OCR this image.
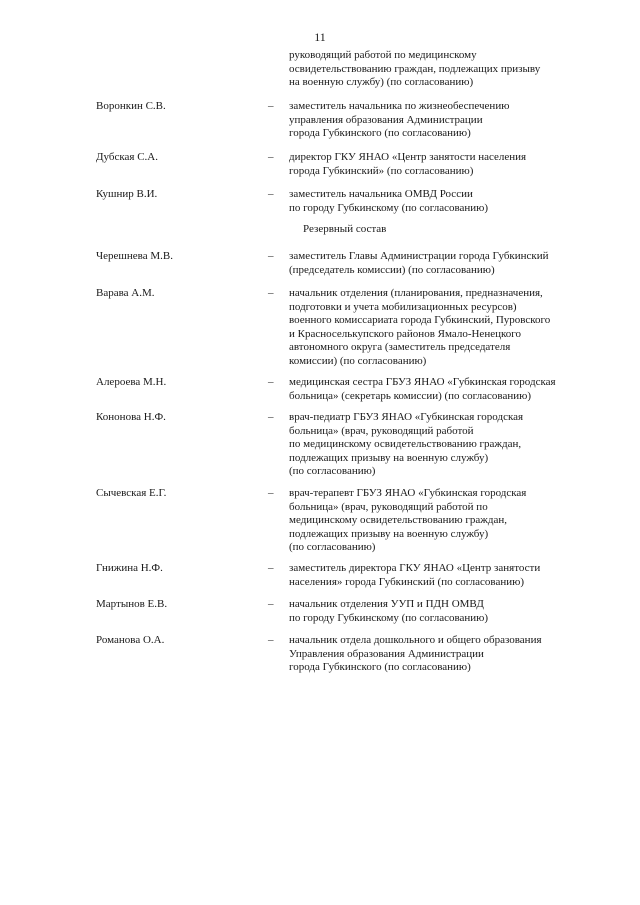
11
руководящий работой по медицинскому
освидетельствованию граждан, подлежащих призыву
на военную службу) (по согласованию)
Воронкин С.В.	– заместитель начальника по жизнеобеспечению
управления образования Администрации
города Губкинского (по согласованию)
Дубская С.А.	– директор ГКУ ЯНАО «Центр занятости населения
города Губкинский» (по согласованию)
Кушнир В.И.	– заместитель начальника ОМВД России
по городу Губкинскому (по согласованию)
Резервный состав
Черешнева М.В.	– заместитель Главы Администрации города Губкинский
(председатель комиссии) (по согласованию)
Варава А.М.	– начальник отделения (планирования, предназначения,
подготовки и учета мобилизационных ресурсов)
военного комиссариата города Губкинский, Пуровского
и Красноселькупского районов Ямало-Ненецкого
автономного округа (заместитель председателя
комиссии) (по согласованию)
Алероева М.Н.	– медицинская сестра ГБУЗ ЯНАО «Губкинская городская
больница» (секретарь комиссии) (по согласованию)
Кононова Н.Ф.	– врач-педиатр ГБУЗ ЯНАО «Губкинская городская
больница» (врач, руководящий работой
по медицинскому освидетельствованию граждан,
подлежащих призыву на военную службу)
(по согласованию)
Сычевская Е.Г.	– врач-терапевт ГБУЗ ЯНАО «Губкинская городская
больница» (врач, руководящий работой по
медицинскому освидетельствованию граждан,
подлежащих призыву на военную службу)
(по согласованию)
Гнижина Н.Ф.	– заместитель директора ГКУ ЯНАО «Центр занятости
населения» города Губкинский (по согласованию)
Мартынов Е.В.	– начальник отделения УУП и ПДН ОМВД
по городу Губкинскому (по согласованию)
Романова О.А.	– начальник отдела дошкольного и общего образования
Управления образования Администрации
города Губкинского (по согласованию)
